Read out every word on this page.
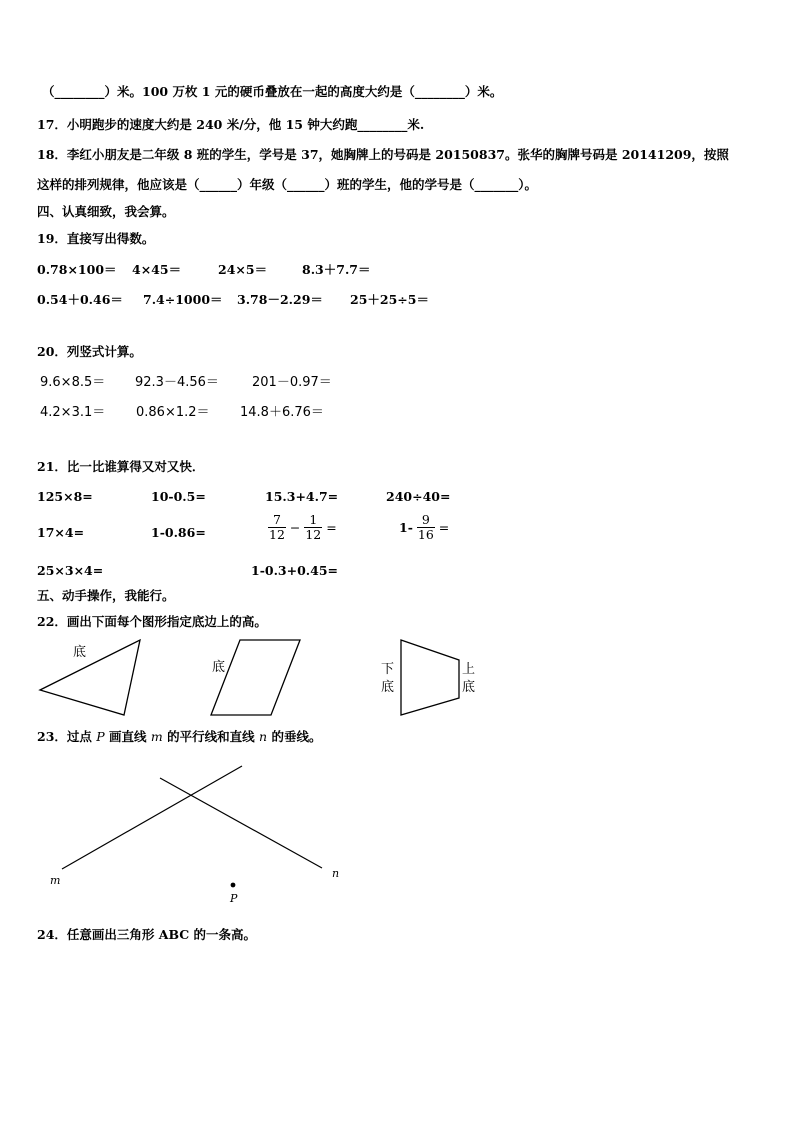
（________）米。100 万枚 1 元的硬币叠放在一起的高度大约是（________）米。
17．小明跑步的速度大约是 240 米/分，他 15 钟大约跑________米.
18．李红小朋友是二年级 8 班的学生，学号是 37，她胸牌上的号码是 20150837。张华的胸牌号码是 20141209，按照
这样的排列规律，他应该是（______）年级（______）班的学生，他的学号是（_______）。
四、认真细致，我会算。
19．直接写出得数。
0.78×100＝ 4×45＝	24×5＝	8.3＋7.7＝
0.54＋0.46＝ 7.4÷1000＝ 3.78－2.29＝ 25＋25÷5＝
20．列竖式计算。
9.6×8.5＝ 92.3－4.56＝	201－0.97＝
4.2×3.1＝ 0.86×1.2＝ 14.8＋6.76＝
21．比一比谁算得又对又快．
125×8=	10-0.5=	15.3+4.7=	240÷40=
17×4=	1-0.86=	$\frac{7}{12} - \frac{1}{12}$ =	$1- \frac{9}{16}$ =
25×3×4=	1-0.3+0.45=
五、动手操作，我能行。
22．画出下面每个图形指定底边上的高。
底
底	下
底
上
底
23．过点 P 画直线 m 的平行线和直线 n 的垂线。
m
n
P
24．任意画出三角形 ABC 的一条高。
